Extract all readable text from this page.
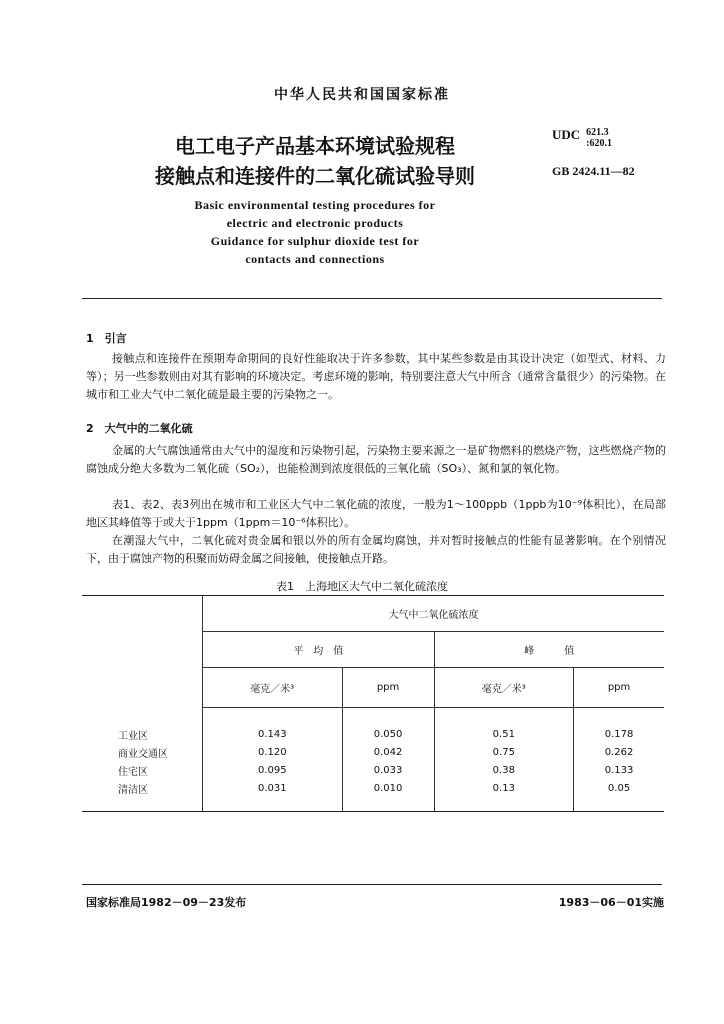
中华人民共和国国家标准
电工电子产品基本环境试验规程
接触点和连接件的二氧化硫试验导则
UDC 621.3
:620.1
GB 2424.11—82
Basic environmental testing procedures for
electric and electronic products
Guidance for sulphur dioxide test for
contacts and connections
1　引言
接触点和连接件在预期寿命期间的良好性能取决于许多参数，其中某些参数是由其设计决定（如型式、材料、力等）；另一些参数则由对其有影响的环境决定。考虑环境的影响，特别要注意大气中所含（通常含量很少）的污染物。在城市和工业大气中二氧化硫是最主要的污染物之一。
2　大气中的二氧化硫
金属的大气腐蚀通常由大气中的湿度和污染物引起，污染物主要来源之一是矿物燃料的燃烧产物，这些燃烧产物的腐蚀成分绝大多数为二氧化硫（SO₂），也能检测到浓度很低的三氧化硫（SO₃）、氮和氯的氧化物。
表1、表2、表3列出在城市和工业区大气中二氧化硫的浓度，一般为1～100ppb（1ppb为10⁻⁹体积比），在局部地区其峰值等于或大于1ppm（1ppm＝10⁻⁶体积比）。
在潮湿大气中，二氧化硫对贵金属和银以外的所有金属均腐蚀，并对暂时接触点的性能有显著影响。在个别情况下，由于腐蚀产物的积聚而妨碍金属之间接触，使接触点开路。
表1　上海地区大气中二氧化硫浓度
	大气中二氧化硫浓度			
	平　均　值		峰　　　值	
	毫克／米³	ppm	毫克／米³	ppm

工业区	0.143	0.050	0.51	0.178
商业交通区	0.120	0.042	0.75	0.262
住宅区	0.095	0.033	0.38	0.133
清洁区	0.031	0.010	0.13	0.05

国家标准局1982－09－23发布	1983－06－01实施
